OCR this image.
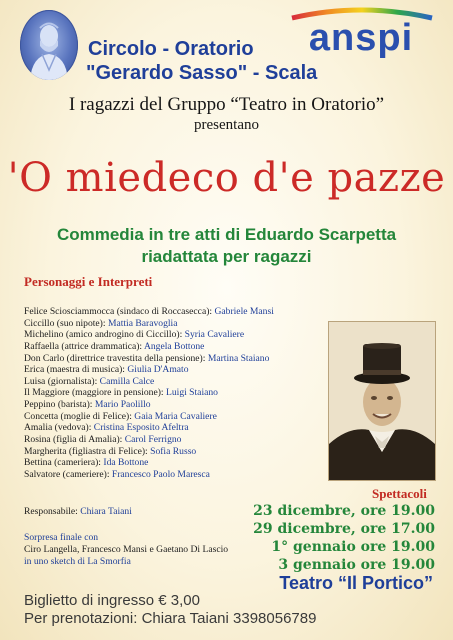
Circolo - Oratorio
"Gerardo Sasso" - Scala
anspi
I ragazzi del Gruppo “Teatro in Oratorio”
presentano
'O miedeco d'e pazze
Commedia in tre atti di Eduardo Scarpetta
riadattata per ragazzi
Personaggi e Interpreti
Felice Sciosciammocca (sindaco di Roccasecca): Gabriele Mansi
Ciccillo (suo nipote): Mattia Baravoglia
Michelino (amico androgino di Ciccillo): Syria Cavaliere
Raffaella (attrice drammatica): Angela Bottone
Don Carlo (direttrice travestita della pensione): Martina Staiano
Erica (maestra di musica): Giulia D'Amato
Luisa (giornalista): Camilla Calce
Il Maggiore (maggiore in pensione): Luigi Staiano
Peppino (barista): Mario Paolillo
Concetta (moglie di Felice): Gaia Maria Cavaliere
Amalia (vedova): Cristina Esposito Afeltra
Rosina (figlia di Amalia): Carol Ferrigno
Margherita (figliastra di Felice): Sofia Russo
Bettina (cameriera): Ida Bottone
Salvatore (cameriere): Francesco Paolo Maresca
Responsabile: Chiara Taiani
Sorpresa finale con
Ciro Langella, Francesco Mansi e Gaetano Di Lascio
in uno sketch di La Smorfia
Spettacoli
23 dicembre, ore 19.00
29 dicembre, ore 17.00
1° gennaio ore 19.00
3 gennaio ore 19.00
Teatro “Il Portico”
Biglietto di ingresso € 3,00
Per prenotazioni: Chiara Taiani 3398056789
